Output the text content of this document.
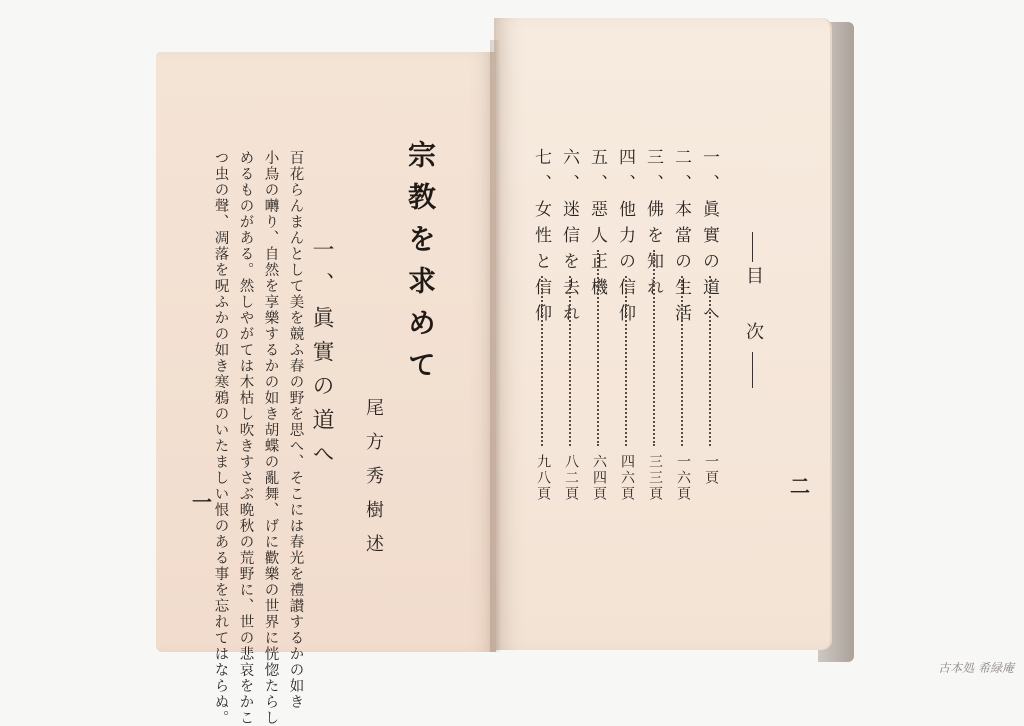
宗教を求めて
一、眞實の道へ
尾方秀樹述
百花らんまんとして美を競ふ春の野を思へ、そこには春光を禮讃するかの如き
小鳥の囀り、自然を享樂するかの如き胡蝶の亂舞、げに歡樂の世界に恍惚たらし
めるものがある。然しやがては木枯し吹きすさぶ晩秋の荒野に、世の悲哀をかこ
つ虫の聲、凋落を呪ふかの如き寒鴉のいたましい恨のある事を忘れてはならぬ。
一
目
次
一、眞實の道へ
一頁
二、本當の生活
一六頁
三、佛を知れ
三三頁
四、他力の信仰
四六頁
五、惡人正機
六四頁
六、迷信を去れ
八二頁
七、女性と信仰
九八頁	二
古本処 希緑庵
